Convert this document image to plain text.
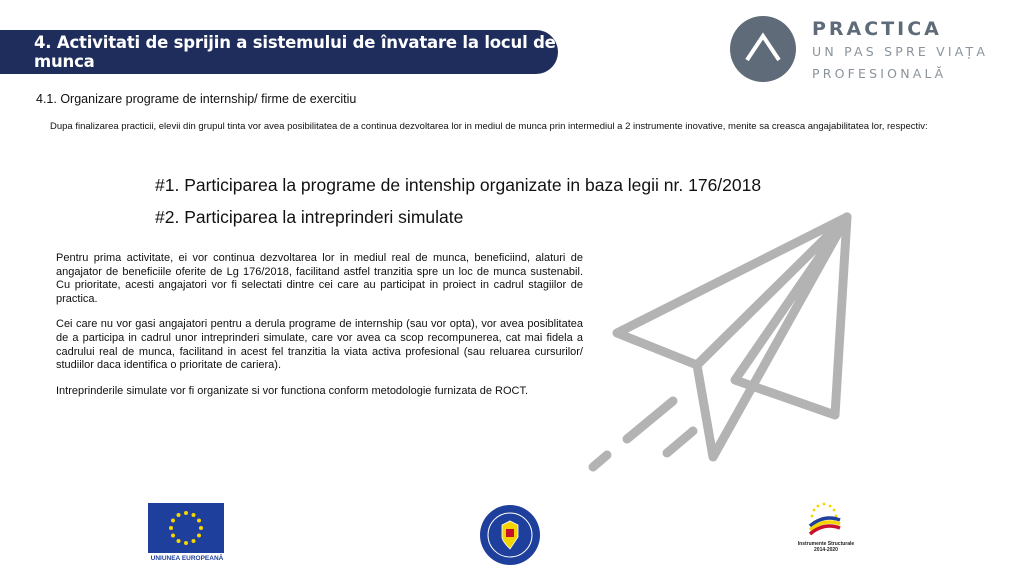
4. Activitati de sprijin a sistemului de învatare la locul de munca
PRACTICA
UN PAS SPRE VIAȚA
PROFESIONALĂ
4.1. Organizare programe de internship/ firme de exercitiu
Dupa finalizarea practicii, elevii din grupul tinta vor avea posibilitatea de a continua dezvoltarea lor in mediul de munca prin intermediul a 2 instrumente inovative, menite sa creasca angajabilitatea lor, respectiv:
#1. Participarea la programe de intenship organizate in baza legii nr. 176/2018
#2. Participarea la intreprinderi simulate

Pentru prima activitate, ei vor continua dezvoltarea lor in mediul real de munca, beneficiind, alaturi de angajator de beneficiile oferite de Lg 176/2018, facilitand astfel tranzitia spre un loc de munca sustenabil. Cu prioritate, acesti angajatori vor fi selectati dintre cei care au participat in proiect in cadrul stagiilor de practica.

Cei care nu vor gasi angajatori pentru a derula programe de internship (sau vor opta), vor avea posiblitatea de a participa in cadrul unor intreprinderi simulate, care vor avea ca scop recompunerea, cat mai fidela a cadrului real de munca, facilitand in acest fel tranzitia la viata activa profesional (sau reluarea cursurilor/ studiilor daca identifica o prioritate de cariera).

Intreprinderile simulate vor fi organizate si vor functiona conform metodologie furnizata de ROCT.

UNIUNEA EUROPEANĂ
Instrumente Structurale
2014-2020
